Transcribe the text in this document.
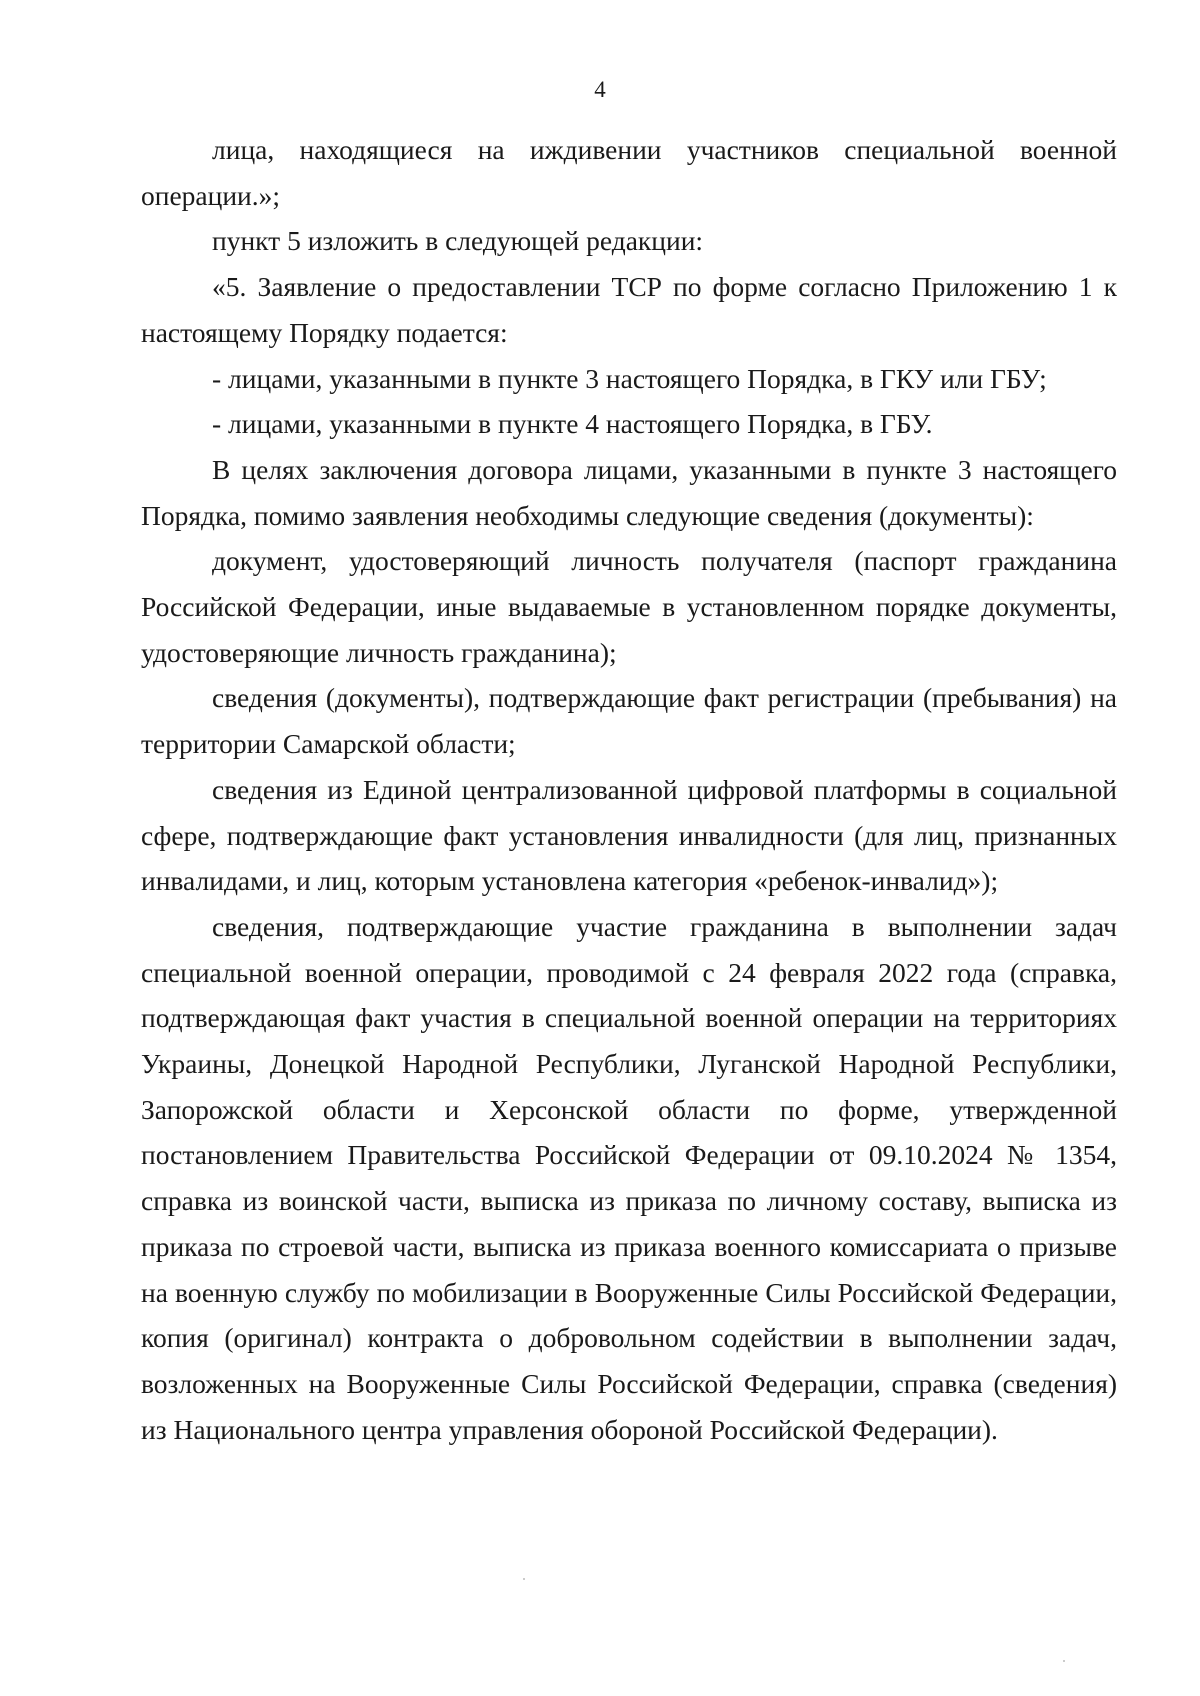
4

лица, находящиеся на иждивении участников специальной военной операции.»;

пункт 5 изложить в следующей редакции:

«5. Заявление о предоставлении ТСР по форме согласно Приложению 1 к настоящему Порядку подается:

- лицами, указанными в пункте 3 настоящего Порядка, в ГКУ или ГБУ;

- лицами, указанными в пункте 4 настоящего Порядка, в ГБУ.

В целях заключения договора лицами, указанными в пункте 3 настоящего Порядка, помимо заявления необходимы следующие сведения (документы):

документ, удостоверяющий личность получателя (паспорт гражданина Российской Федерации, иные выдаваемые в установленном порядке документы, удостоверяющие личность гражданина);

сведения (документы), подтверждающие факт регистрации (пребывания) на территории Самарской области;

сведения из Единой централизованной цифровой платформы в социальной сфере, подтверждающие факт установления инвалидности (для лиц, признанных инвалидами, и лиц, которым установлена категория «ребенок-инвалид»);

сведения, подтверждающие участие гражданина в выполнении задач специальной военной операции, проводимой с 24 февраля 2022 года (справка, подтверждающая факт участия в специальной военной операции на территориях Украины, Донецкой Народной Республики, Луганской Народной Республики, Запорожской области и Херсонской области по форме, утвержденной постановлением Правительства Российской Федерации от 09.10.2024 № 1354, справка из воинской части, выписка из приказа по личному составу, выписка из приказа по строевой части, выписка из приказа военного комиссариата о призыве на военную службу по мобилизации в Вооруженные Силы Российской Федерации, копия (оригинал) контракта о добровольном содействии в выполнении задач, возложенных на Вооруженные Силы Российской Федерации, справка (сведения) из Национального центра управления обороной Российской Федерации).
